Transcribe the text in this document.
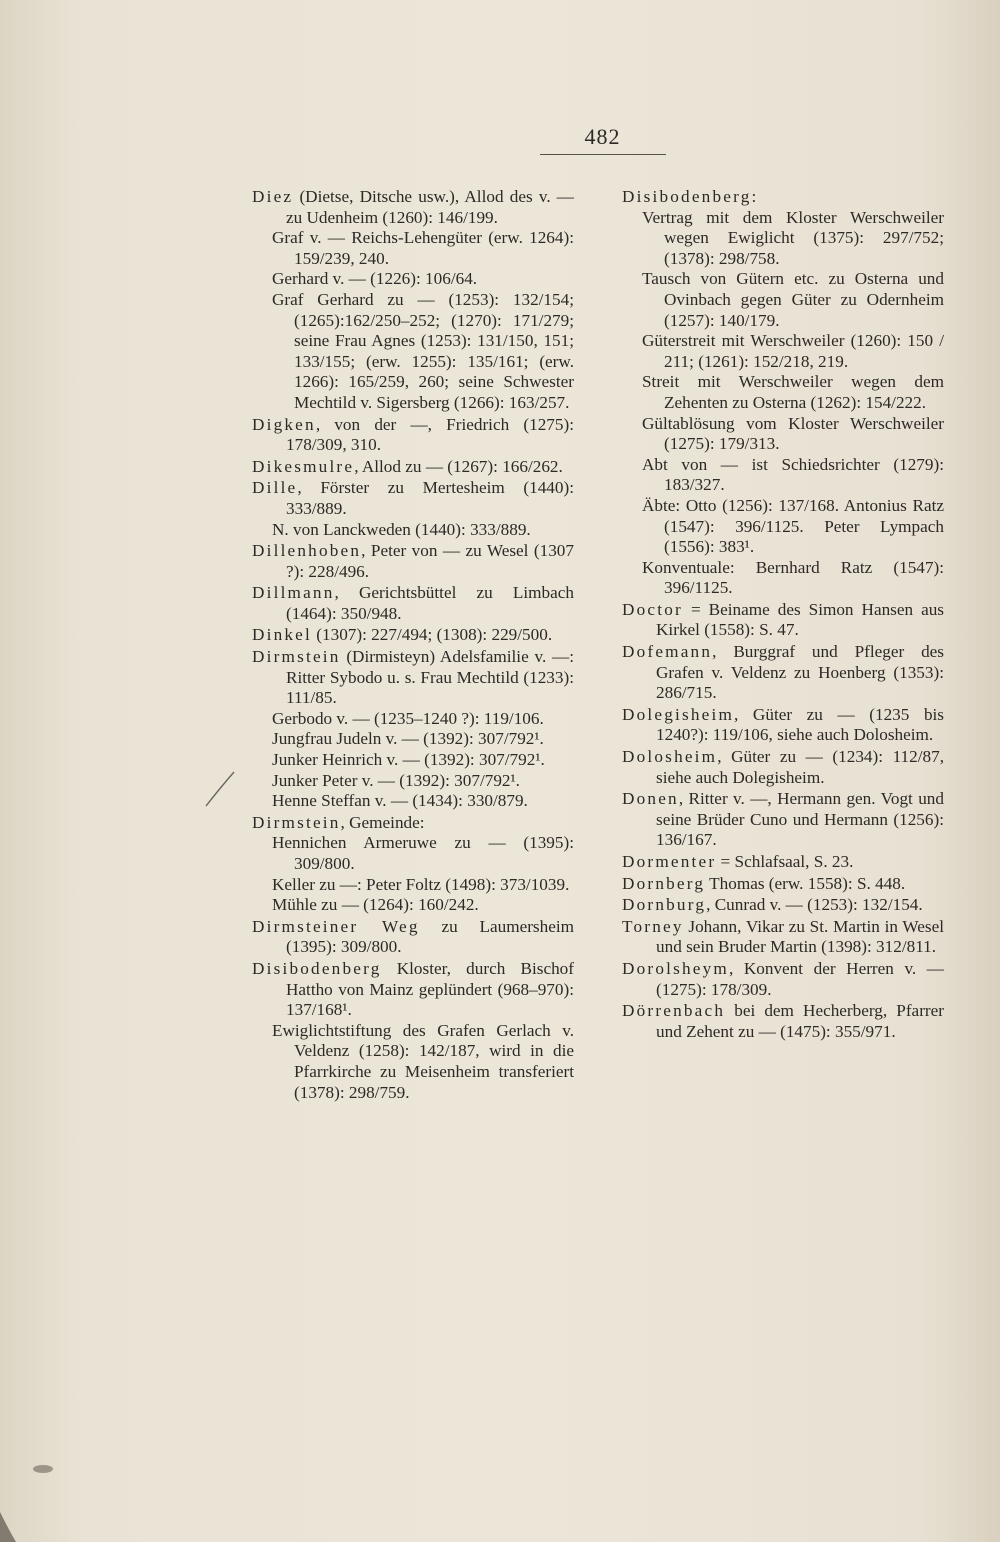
482
Diez (Dietse, Ditsche usw.), Allod des v. — zu Udenheim (1260): 146/199.
Graf v. — Reichs-Lehengüter (erw. 1264): 159/239, 240.
Gerhard v. — (1226): 106/64.
Graf Gerhard zu — (1253): 132/154;(1265):162/250–252; (1270): 171/279; seine Frau Agnes (1253): 131/150, 151; 133/155; (erw. 1255): 135/161; (erw. 1266): 165/259, 260; seine Schwester Mechtild v. Sigersberg (1266): 163/257.
Digken, von der —, Friedrich (1275): 178/309, 310.
Dikesmulre, Allod zu — (1267): 166/262.
Dille, Förster zu Mertesheim (1440): 333/889.
N. von Lanckweden (1440): 333/889.
Dillenhoben, Peter von — zu Wesel (1307 ?): 228/496.
Dillmann, Gerichtsbüttel zu Limbach (1464): 350/948.
Dinkel (1307): 227/494; (1308): 229/500.
Dirmstein (Dirmisteyn) Adelsfamilie v. —: Ritter Sybodo u. s. Frau Mechtild (1233): 111/85.
Gerbodo v. — (1235–1240 ?): 119/106.
Jungfrau Judeln v. — (1392): 307/792¹.
Junker Heinrich v. — (1392): 307/792¹.
Junker Peter v. — (1392): 307/792¹.
Henne Steffan v. — (1434): 330/879.
Dirmstein, Gemeinde:
Hennichen Armeruwe zu — (1395): 309/800.
Keller zu —: Peter Foltz (1498): 373/1039.
Mühle zu — (1264): 160/242.
Dirmsteiner Weg zu Laumersheim (1395): 309/800.
Disibodenberg Kloster, durch Bischof Hattho von Mainz geplündert (968–970): 137/168¹.
Ewiglichtstiftung des Grafen Gerlach v. Veldenz (1258): 142/187, wird in die Pfarrkirche zu Meisenheim transferiert (1378): 298/759.
Disibodenberg:
Vertrag mit dem Kloster Werschweiler wegen Ewiglicht (1375): 297/752; (1378): 298/758.
Tausch von Gütern etc. zu Osterna und Ovinbach gegen Güter zu Odernheim (1257): 140/179.
Güterstreit mit Werschweiler (1260): 150 / 211; (1261): 152/218, 219.
Streit mit Werschweiler wegen dem Zehenten zu Osterna (1262): 154/222.
Gültablösung vom Kloster Werschweiler (1275): 179/313.
Abt von — ist Schiedsrichter (1279): 183/327.
Äbte: Otto (1256): 137/168. Antonius Ratz (1547): 396/1125. Peter Lympach (1556): 383¹.
Konventuale: Bernhard Ratz (1547): 396/1125.
Doctor = Beiname des Simon Hansen aus Kirkel (1558): S. 47.
Dofemann, Burggraf und Pfleger des Grafen v. Veldenz zu Hoenberg (1353): 286/715.
Dolegisheim, Güter zu — (1235 bis 1240?): 119/106, siehe auch Dolosheim.
Dolosheim, Güter zu — (1234): 112/87, siehe auch Dolegisheim.
Donen, Ritter v. —, Hermann gen. Vogt und seine Brüder Cuno und Hermann (1256): 136/167.
Dormenter = Schlafsaal, S. 23.
Dornberg Thomas (erw. 1558): S. 448.
Dornburg, Cunrad v. — (1253): 132/154.
Torney Johann, Vikar zu St. Martin in Wesel und sein Bruder Martin (1398): 312/811.
Dorolsheym, Konvent der Herren v. — (1275): 178/309.
Dörrenbach bei dem Hecherberg, Pfarrer und Zehent zu — (1475): 355/971.
